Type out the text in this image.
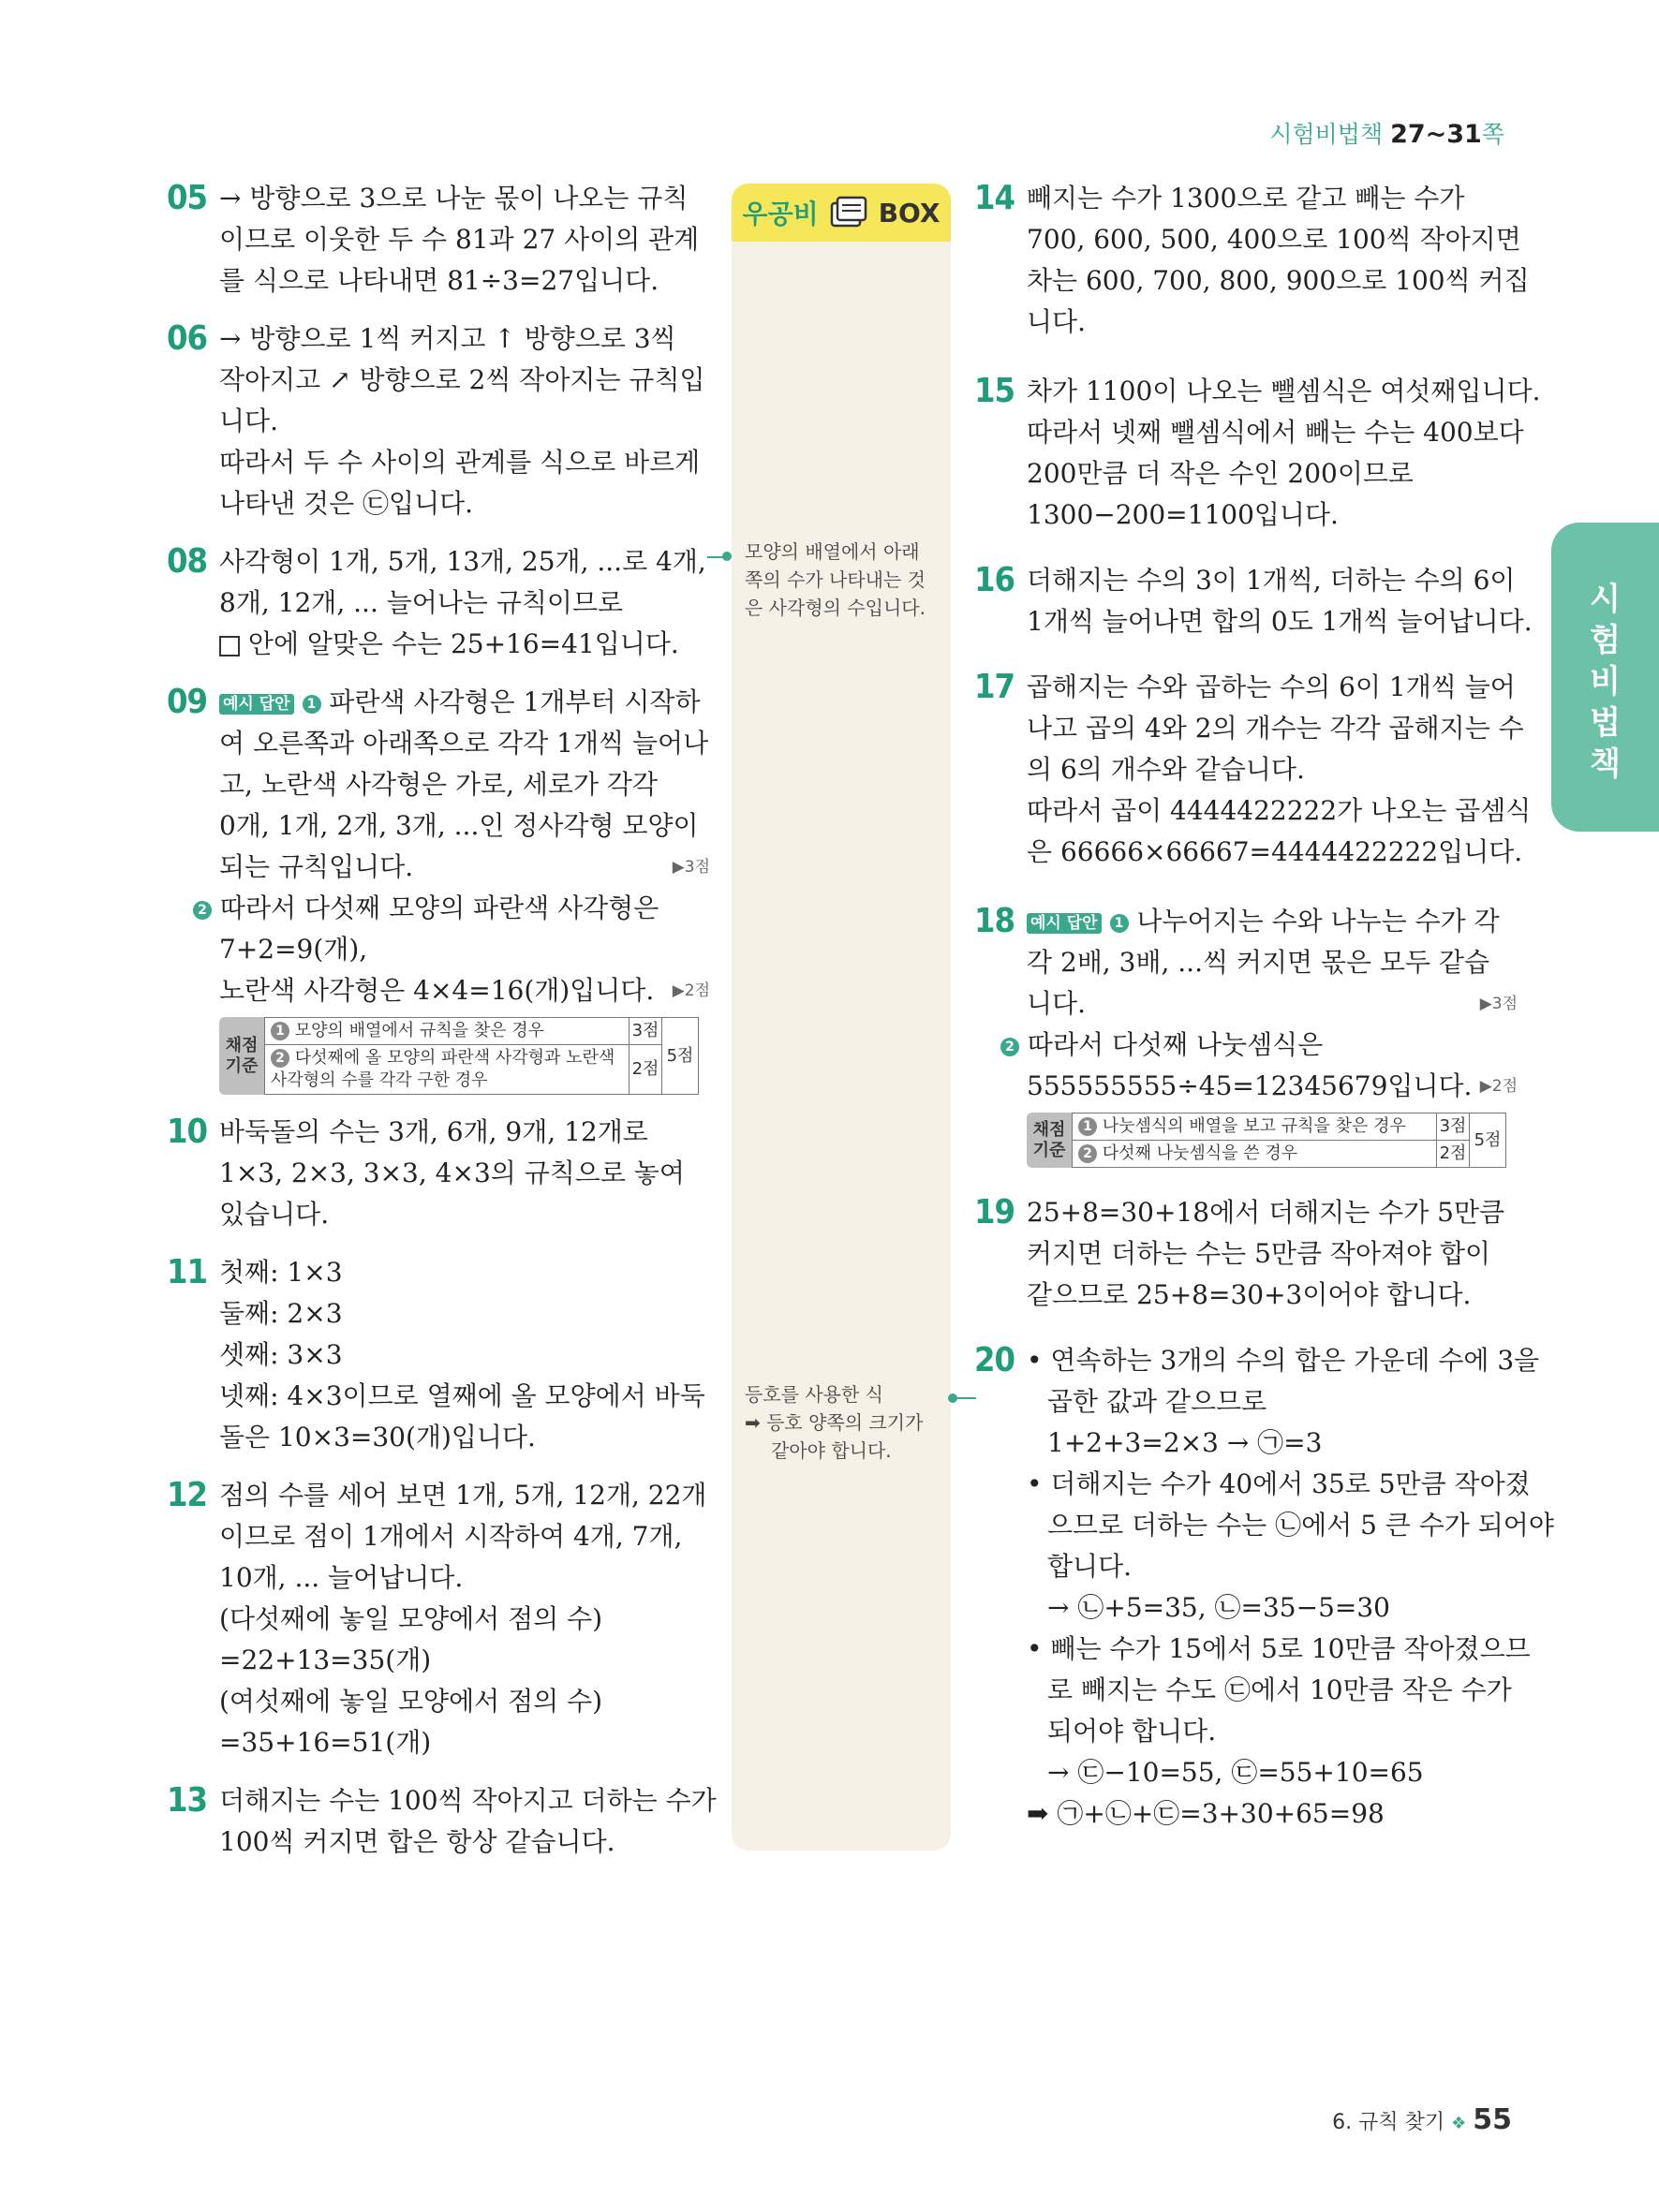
시험비법책 27~31쪽
05 → 방향으로 3으로 나눈 몫이 나오는 규칙
이므로 이웃한 두 수 81과 27 사이의 관계
를 식으로 나타내면 81÷3=27입니다.
06 → 방향으로 1씩 커지고 ↑ 방향으로 3씩
작아지고 ↗ 방향으로 2씩 작아지는 규칙입
니다.
따라서 두 수 사이의 관계를 식으로 바르게
나타낸 것은 ㉢입니다.
08 사각형이 1개, 5개, 13개, 25개, ...로 4개,
8개, 12개, ... 늘어나는 규칙이므로
안에 알맞은 수는 25+16=41입니다.
09 예시 답안 1 파란색 사각형은 1개부터 시작하
여 오른쪽과 아래쪽으로 각각 1개씩 늘어나
고, 노란색 사각형은 가로, 세로가 각각
0개, 1개, 2개, 3개, ...인 정사각형 모양이
되는 규칙입니다.	▶3점
2 따라서 다섯째 모양의 파란색 사각형은
7+2=9(개),
노란색 사각형은 4×4=16(개)입니다. ▶2점
채점 기준
1 모양의 배열에서 규칙을 찾은 경우	3점	5점
2 다섯째에 올 모양의 파란색 사각형과 노란색 사각형의 수를 각각 구한 경우	2점	
10 바둑돌의 수는 3개, 6개, 9개, 12개로
1×3, 2×3, 3×3, 4×3의 규칙으로 놓여
있습니다.
11 첫째: 1×3
둘째: 2×3
셋째: 3×3
넷째: 4×3이므로 열째에 올 모양에서 바둑
돌은 10×3=30(개)입니다.
12 점의 수를 세어 보면 1개, 5개, 12개, 22개
이므로 점이 1개에서 시작하여 4개, 7개,
10개, ... 늘어납니다.
(다섯째에 놓일 모양에서 점의 수)
=22+13=35(개)
(여섯째에 놓일 모양에서 점의 수)
=35+16=51(개)
13 더해지는 수는 100씩 작아지고 더하는 수가
100씩 커지면 합은 항상 같습니다.
우공비 BOX
모양의 배열에서 아래
쪽의 수가 나타내는 것
은 사각형의 수입니다.
등호를 사용한 식
➡ 등호 양쪽의 크기가
같아야 합니다.
14 빼지는 수가 1300으로 같고 빼는 수가
700, 600, 500, 400으로 100씩 작아지면
차는 600, 700, 800, 900으로 100씩 커집
니다.
15 차가 1100이 나오는 뺄셈식은 여섯째입니다.
따라서 넷째 뺄셈식에서 빼는 수는 400보다
200만큼 더 작은 수인 200이므로
1300−200=1100입니다.
16 더해지는 수의 3이 1개씩, 더하는 수의 6이
1개씩 늘어나면 합의 0도 1개씩 늘어납니다.
17 곱해지는 수와 곱하는 수의 6이 1개씩 늘어
나고 곱의 4와 2의 개수는 각각 곱해지는 수
의 6의 개수와 같습니다.
따라서 곱이 4444422222가 나오는 곱셈식
은 66666×66667=4444422222입니다.
18 예시 답안 1 나누어지는 수와 나누는 수가 각
각 2배, 3배, ...씩 커지면 몫은 모두 같습
니다.	▶3점
2 따라서 다섯째 나눗셈식은
555555555÷45=12345679입니다. ▶2점
채점 기준
1 나눗셈식의 배열을 보고 규칙을 찾은 경우	3점	5점
2 다섯째 나눗셈식을 쓴 경우	2점	
19 25+8=30+18에서 더해지는 수가 5만큼
커지면 더하는 수는 5만큼 작아져야 합이
같으므로 25+8=30+3이어야 합니다.
20 • 연속하는 3개의 수의 합은 가운데 수에 3을
곱한 값과 같으므로
1+2+3=2×3 → ㉠=3
• 더해지는 수가 40에서 35로 5만큼 작아졌
으므로 더하는 수는 ㉡에서 5 큰 수가 되어야
합니다.
→ ㉡+5=35, ㉡=35−5=30
• 빼는 수가 15에서 5로 10만큼 작아졌으므
로 빼지는 수도 ㉢에서 10만큼 작은 수가
되어야 합니다.
→ ㉢−10=55, ㉢=55+10=65
➡ ㉠+㉡+㉢=3+30+65=98
시
험
비
법
책
6. 규칙 찾기 ❖ 55
